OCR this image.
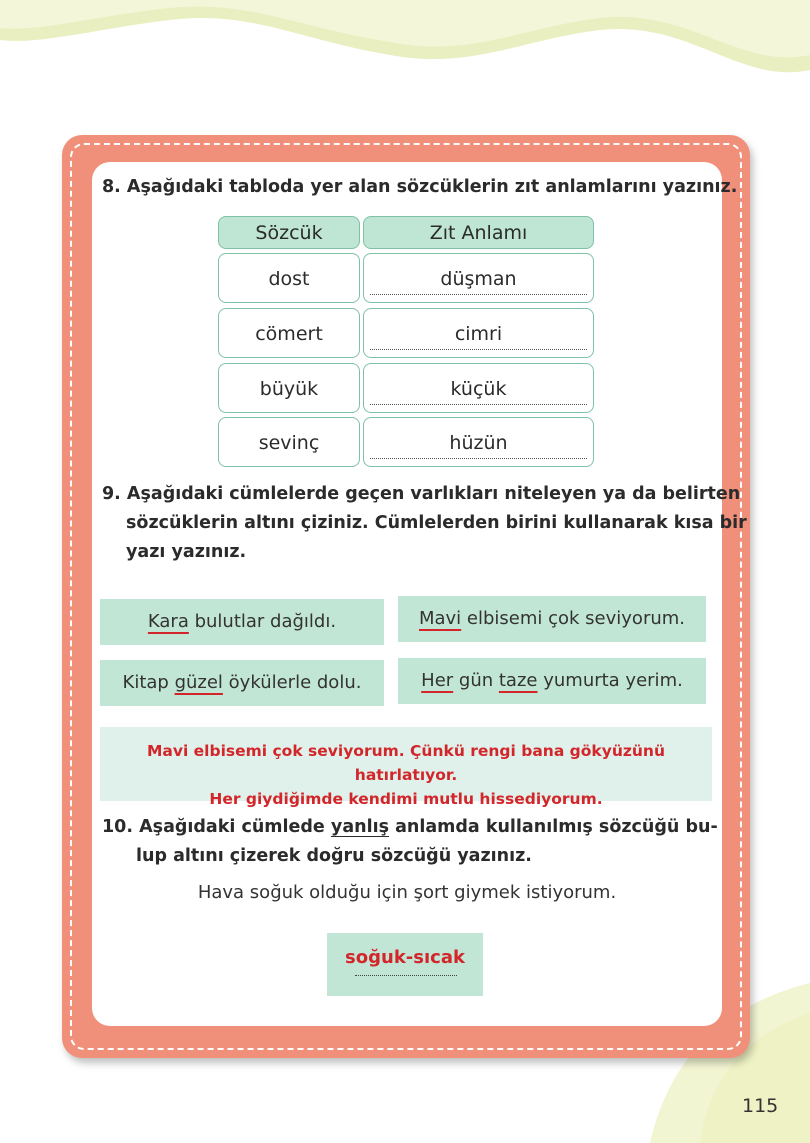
8. Aşağıdaki tabloda yer alan sözcüklerin zıt anlamlarını yazınız.
Sözcük	Zıt Anlamı
dost	düşman
cömert	cimri
büyük	küçük
sevinç	hüzün
9. Aşağıdaki cümlelerde geçen varlıkları niteleyen ya da belirten
sözcüklerin altını çiziniz. Cümlelerden birini kullanarak kısa bir
yazı yazınız.
Kara bulutlar dağıldı.	Mavi elbisemi çok seviyorum.
Kitap güzel öykülerle dolu.	Her gün taze yumurta yerim.
Mavi elbisemi çok seviyorum. Çünkü rengi bana gökyüzünü hatırlatıyor.
Her giydiğimde kendimi mutlu hissediyorum.
10. Aşağıdaki cümlede yanlış anlamda kullanılmış sözcüğü bu-
lup altını çizerek doğru sözcüğü yazınız.
Hava soğuk olduğu için şort giymek istiyorum.
soğuk-sıcak
115
